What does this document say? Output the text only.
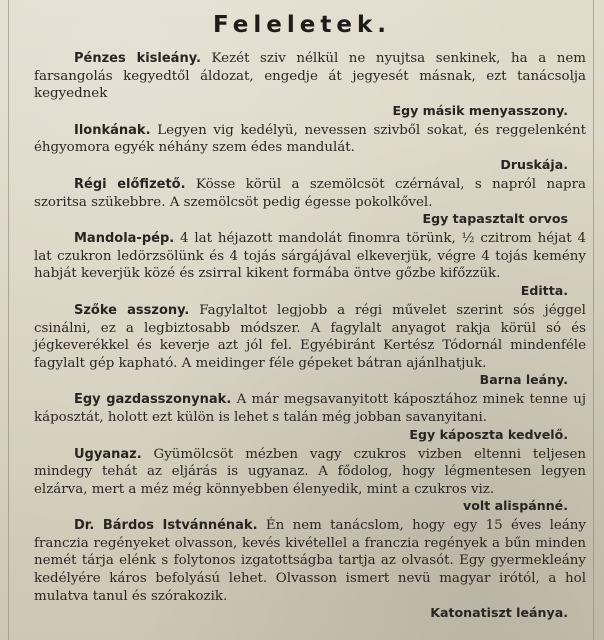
Feleletek.

Pénzes kisleány. Kezét sziv nélkül ne nyujtsa senkinek, ha a nem farsangolás kegyedtől áldozat, engedje át jegyesét másnak, ezt tanácsolja kegyednek

Egy másik menyasszony.

Ilonkának. Legyen vig kedélyü, nevessen szivből sokat, és reggelenként éhgyomora egyék néhány szem édes mandulát.

Druskája.

Régi előfizető. Kösse körül a szemölcsöt czérnával, s napról napra szoritsa szükebbre. A szemölcsöt pedig égesse pokolkővel.

Egy tapasztalt orvos

Mandola-pép. 4 lat héjazott mandolát finomra törünk, ½ czitrom héjat 4 lat czukron ledörzsölünk és 4 tojás sárgájával elkeverjük, végre 4 tojás kemény habját keverjük közé és zsirral kikent formába öntve gőzbe kifőzzük.

Editta.

Szőke asszony. Fagylaltot legjobb a régi művelet szerint sós jéggel csinálni, ez a legbiztosabb módszer. A fagylalt anyagot rakja körül só és jégkeverékkel és keverje azt jól fel. Egyébiránt Kertész Tódornál mindenféle fagylalt gép kapható. A meidinger féle gépeket bátran ajánlhatjuk.

Barna leány.

Egy gazdasszonynak. A már megsavanyitott káposztához minek tenne uj káposztát, holott ezt külön is lehet s talán még jobban savanyitani.

Egy káposzta kedvelő.

Ugyanaz. Gyümölcsöt mézben vagy czukros vizben eltenni teljesen mindegy tehát az eljárás is ugyanaz. A fődolog, hogy légmentesen legyen elzárva, mert a méz még könnyebben élenyedik, mint a czukros viz.

volt alispánné.

Dr. Bárdos Istvánnénak. Én nem tanácslom, hogy egy 15 éves leány franczia regényeket olvasson, kevés kivétellel a franczia regények a bűn minden nemét tárja elénk s folytonos izgatottságba tartja az olvasót. Egy gyermekleány kedélyére káros befolyású lehet. Olvasson ismert nevü magyar irótól, a hol mulatva tanul és szórakozik.

Katonatiszt leánya.
